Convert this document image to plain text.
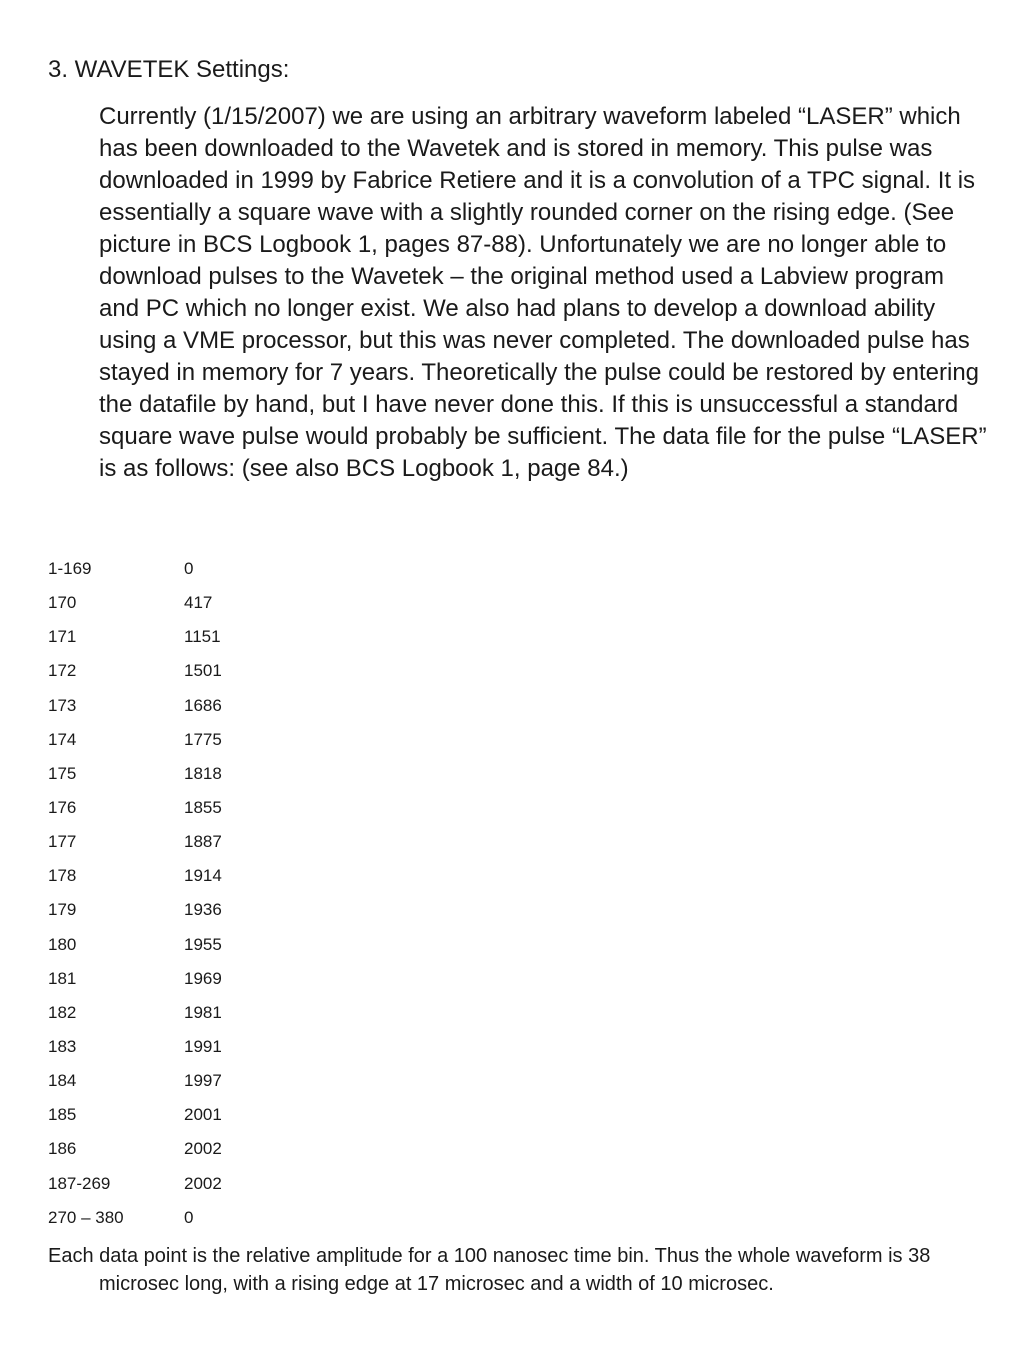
3. WAVETEK Settings:

Currently (1/15/2007) we are using an arbitrary waveform labeled “LASER” which has been downloaded to the Wavetek and is stored in memory. This pulse was downloaded in 1999 by Fabrice Retiere and it is a convolution of a TPC signal. It is essentially a square wave with a slightly rounded corner on the rising edge. (See picture in BCS Logbook 1, pages 87-88). Unfortunately we are no longer able to download pulses to the Wavetek – the original method used a Labview program and PC which no longer exist. We also had plans to develop a download ability using a VME processor, but this was never completed. The downloaded pulse has stayed in memory for 7 years. Theoretically the pulse could be restored by entering the datafile by hand, but I have never done this. If this is unsuccessful a standard square wave pulse would probably be sufficient. The data file for the pulse “LASER” is as follows: (see also BCS Logbook 1, page 84.)

1-169	0
170	417
171	1151
172	1501
173	1686
174	1775
175	1818
176	1855
177	1887
178	1914
179	1936
180	1955
181	1969
182	1981
183	1991
184	1997
185	2001
186	2002
187-269	2002
270 – 380	0

Each data point is the relative amplitude for a 100 nanosec time bin. Thus the whole waveform is 38 microsec long, with a rising edge at 17 microsec and a width of 10 microsec.
